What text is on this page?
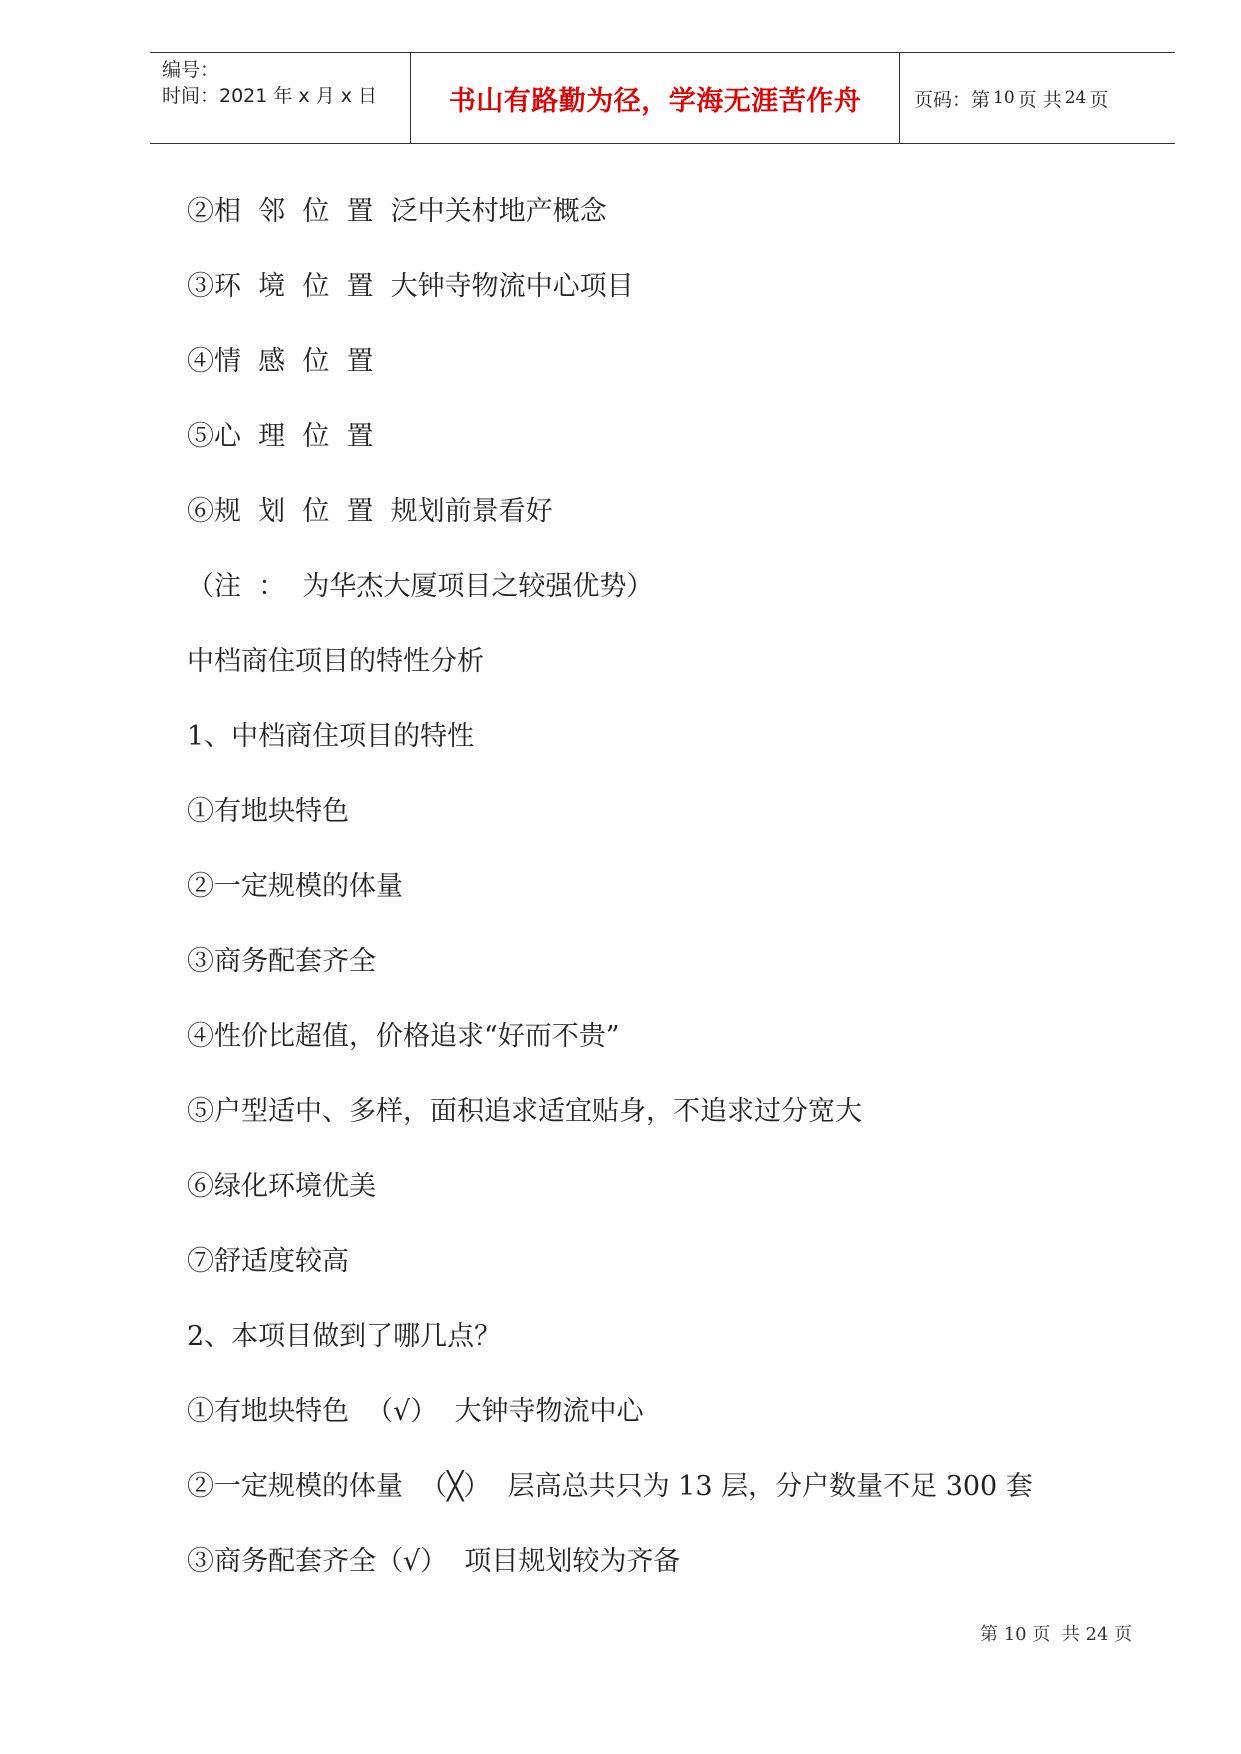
编号：
时间：2021 年 x 月 x 日	书山有路勤为径，学海无涯苦作舟	页码：第 10 页 共 24 页
②相  邻  位  置  泛中关村地产概念
③环  境  位  置  大钟寺物流中心项目
④情  感  位  置
⑤心  理  位  置
⑥规  划  位  置  规划前景看好
（注  ：  为华杰大厦项目之较强优势）
中档商住项目的特性分析
1、中档商住项目的特性
①有地块特色
②一定规模的体量
③商务配套齐全
④性价比超值，价格追求“好而不贵”
⑤户型适中、多样，面积追求适宜贴身，不追求过分宽大
⑥绿化环境优美
⑦舒适度较高
2、本项目做到了哪几点？
①有地块特色  （√）  大钟寺物流中心
②一定规模的体量  （╳）  层高总共只为 13 层，分户数量不足 300 套
③商务配套齐全（√）  项目规划较为齐备
第 10 页  共 24 页
